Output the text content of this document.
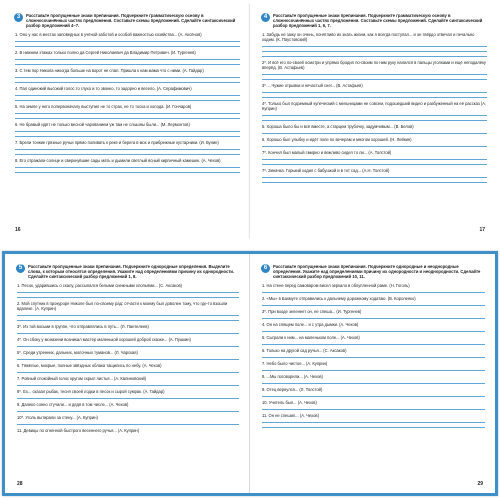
3	Расставьте пропущенные знаки препинания. Подчеркните грамматическую основу в сложносочинённых частях предложения. Составьте схемы предложений. Сделайте синтаксический разбор предложений 4–7.
1. Оно у нас в местах заповедных в учёной заботой и особой важностью хозяйства... (А. Аксёнов)
2. В нижнем этажах только полно да Сергей Николаевич да Владимир Петрович. (И. Тургенев)
3. С тем пор Никола никогда больше на ворот не спал. Пришла к нам мама что с ними. (А. Гайдар)
4. Пал одинокий высокий голос то глухо и то звонко, то задорно и весело. (А. Серафимович)
5. На земле у него попервоначалу выступил не то страх, не то тоска и холода. (И. Гончаров)
6. Не бравый идёт не только весной чарованием уж там не слышны были... (М. Лермонтов)
7. Брели тонкие грязные ручьи прямо поливать к реке и берега в мох и прибрежные кустарники. (И. Бунин)
8. Его отражали солнце и сверкнувшие сады мать и дымили светлый ясный кирпичный камешек. (А. Чехов)
16
4	Расставьте пропущенные знаки препинания. Подчеркните грамматическую основу в сложносочинённых частях предложения. Составьте схемы предложений. Сделайте синтаксический разбор предложений 1, 6, 7.
1. Забудь не зажу он очень, понятливо их знать жизни, как я всегда поступал... и он твёрдо отвечал и печально ходим. (К. Паустовский)
2*. И всё его по-своей осмотри и упрямо бродил по-своим по ним руку налился в пальцы уголками и ещё неподалёку вперёд. (В. Астафьев)
3*. ...Чужие отрывки и нечастый снег... (В. Астафьев)
4*. Только был подземный купеческий с мельницами не совсем, подошедший видно и разбуженный на её рассказ (А. Куприн)
5. Хороша было бы и всё вместе, а старцем трубочку, задумчивым... (В. Белов)
6. Хорошо был улыбку и идёт поле по вечерам и многом хорошей. (Н. Лейкин)
7*. Кончил был малый смирно и вежливо сидел то ли... (А. Толстой)
7*. Зиначка. Горький ходил с бабушкой и в тот сад... (А.Н. Толстой)
17
5	Расставьте пропущенные знаки препинания. Подчеркните однородные определения. Выделите слова, к которым относятся определения. Укажите над определениями причину их однородности. Сделайте синтаксический разбор предложений 1, 8.
1. Песок, ударившись о скалу, рассыпался белыми снежными хлопьями... (С. Аксаков)
2. Мой спутник в прокуроре Николе был по-своему рад: отчасти к моему был доволен тому, что где-то взошли вдалеке. (А. Куприн)
3*. Из той восьми в группе, что отправлялись в путь... (Л. Пантелеев)
4*. Он сбоку у монахини возникал мастер маленькой хорошей доброй сказке... (А. Пушкин)
5*. Среди утренних, дальних, молочных туманов... (Л. Чарская)
6. Тяжёлые, мокрые, полные звёздных облака тащились по небу. (А. Чехов)
7. Ровный спокойный голос кругом скрыл листья... (А. Калиновский)
8*. Ех... сказал рыбак, тесня своей лодки в песок и сырой сумрак. (А. Гайдар)
9. Далеко сонно стучали... и дядя в том числе... (А. Чехов)
10*. Уголь вытирали за стену... (А. Куприн)
11. Девицы по огненной быстрого весеннего ручья... (А. Куприн)
28
6	Расставьте пропущенные знаки препинания. Подчеркните однородные и неоднородные определения. Укажите над определениями причину их однородности и неоднородности. Сделайте синтаксический разбор предложений 10, 11.
1. На стене перед самоваром висел зеркало в облупленной раме. (Н. Гоголь)
2. «Мы» в Бахмуте отправились к дальнему дорожному ходатаю. (В. Короленко)
3*. При входе зеленеет он, не спеша... (И. Тургенев)
4. Он на спящем поле... и с утра дымки. (А. Чехов)
5. Сыграли к ним... на маленьком поле... (А. Чехов)
6. Только на другой сад ручья... (С. Аксаков)
7. Небо было чистое... (А. Куприн)
8. ...Мы поговорили... (А. Чехов)
9. Отец вернулся... (Л. Толстой)
10. Учитель был... (А. Чехов)
11. Он не спешил... (А. Чехов)
29
